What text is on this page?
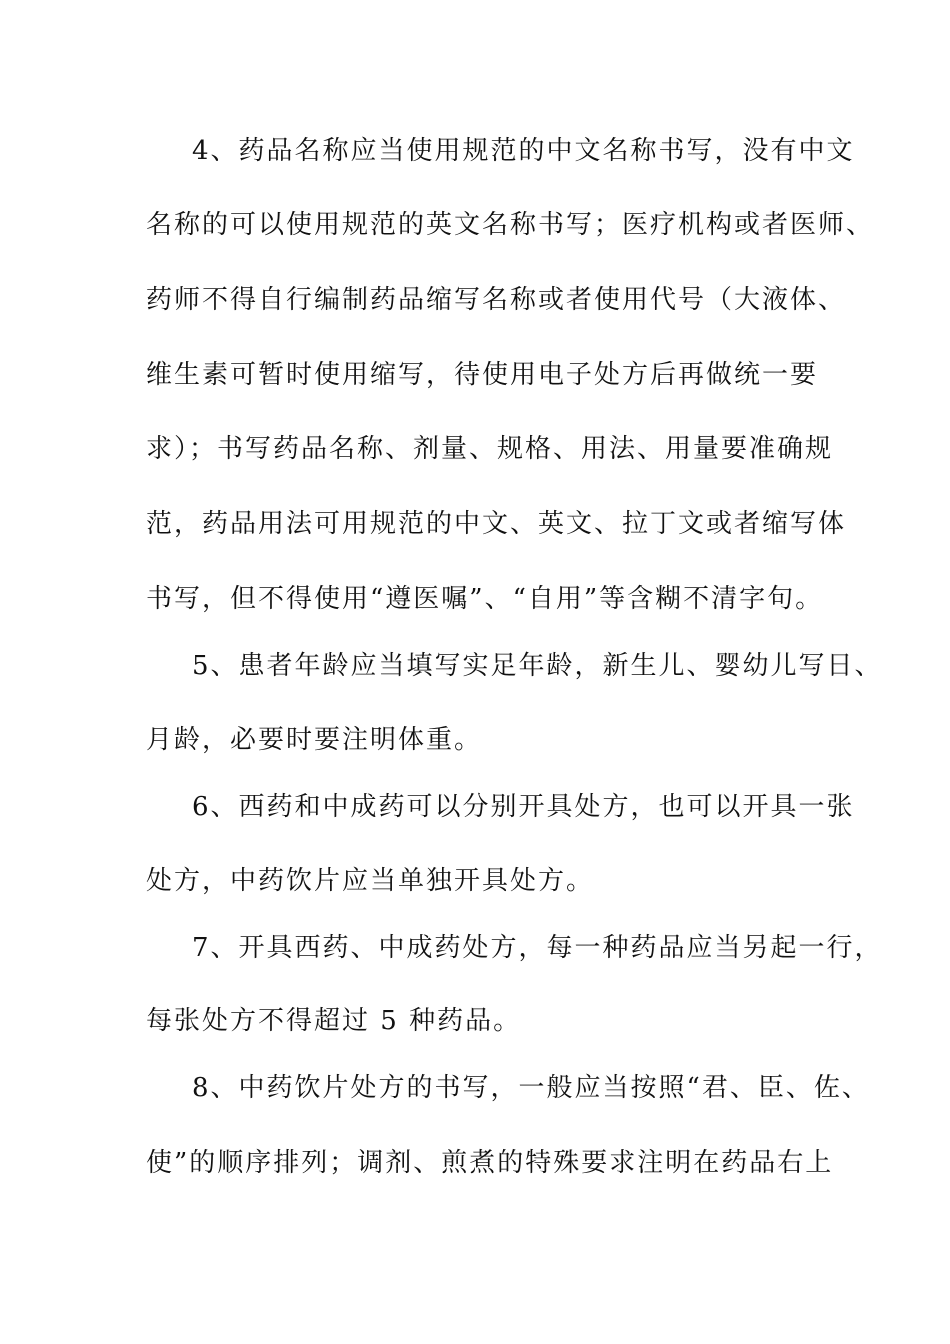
4、药品名称应当使用规范的中文名称书写，没有中文
名称的可以使用规范的英文名称书写；医疗机构或者医师、
药师不得自行编制药品缩写名称或者使用代号（大液体、
维生素可暂时使用缩写，待使用电子处方后再做统一要
求）；书写药品名称、剂量、规格、用法、用量要准确规
范，药品用法可用规范的中文、英文、拉丁文或者缩写体
书写，但不得使用“遵医嘱”、“自用”等含糊不清字句。
5、患者年龄应当填写实足年龄，新生儿、婴幼儿写日、
月龄，必要时要注明体重。
6、西药和中成药可以分别开具处方，也可以开具一张
处方，中药饮片应当单独开具处方。
7、开具西药、中成药处方，每一种药品应当另起一行，
每张处方不得超过 5 种药品。
8、中药饮片处方的书写，一般应当按照“君、臣、佐、
使”的顺序排列；调剂、煎煮的特殊要求注明在药品右上
